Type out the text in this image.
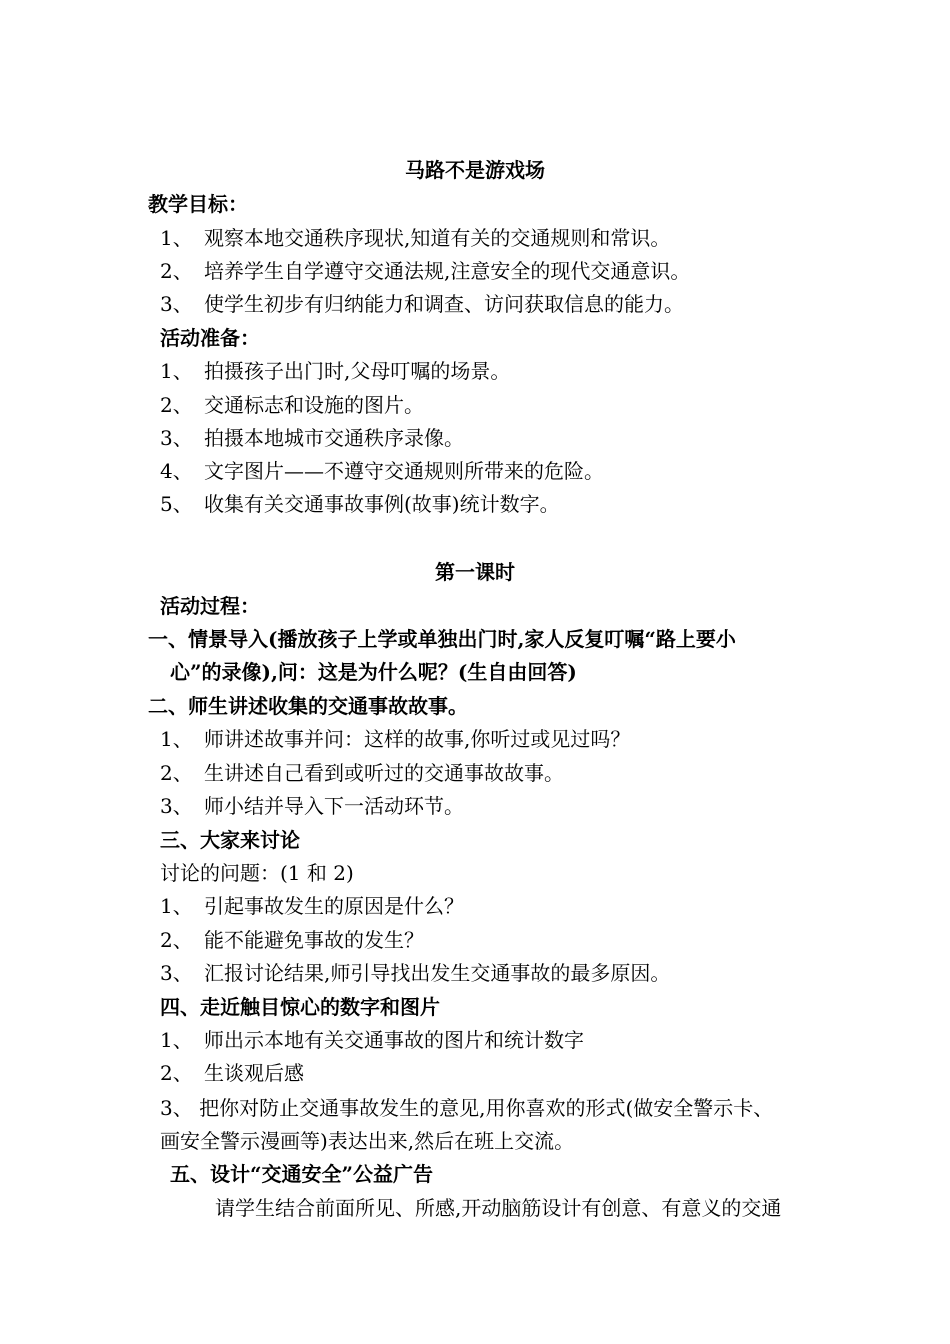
马路不是游戏场
教学目标：
1、 观察本地交通秩序现状,知道有关的交通规则和常识。
2、 培养学生自学遵守交通法规,注意安全的现代交通意识。
3、 使学生初步有归纳能力和调查、访问获取信息的能力。
活动准备：
1、 拍摄孩子出门时,父母叮嘱的场景。
2、 交通标志和设施的图片。
3、 拍摄本地城市交通秩序录像。
4、 文字图片——不遵守交通规则所带来的危险。
5、 收集有关交通事故事例(故事)统计数字。
第一课时
活动过程：
一、情景导入(播放孩子上学或单独出门时,家人反复叮嘱“路上要小
心”的录像),问：这是为什么呢？(生自由回答)
二、师生讲述收集的交通事故故事。
1、 师讲述故事并问：这样的故事,你听过或见过吗？
2、 生讲述自己看到或听过的交通事故故事。
3、 师小结并导入下一活动环节。
三、大家来讨论
讨论的问题：(1 和 2)
1、 引起事故发生的原因是什么？
2、 能不能避免事故的发生？
3、 汇报讨论结果,师引导找出发生交通事故的最多原因。
四、走近触目惊心的数字和图片
1、 师出示本地有关交通事故的图片和统计数字
2、 生谈观后感
3、 把你对防止交通事故发生的意见,用你喜欢的形式(做安全警示卡、
画安全警示漫画等)表达出来,然后在班上交流。
五、设计“交通安全”公益广告
请学生结合前面所见、所感,开动脑筋设计有创意、有意义的交通
